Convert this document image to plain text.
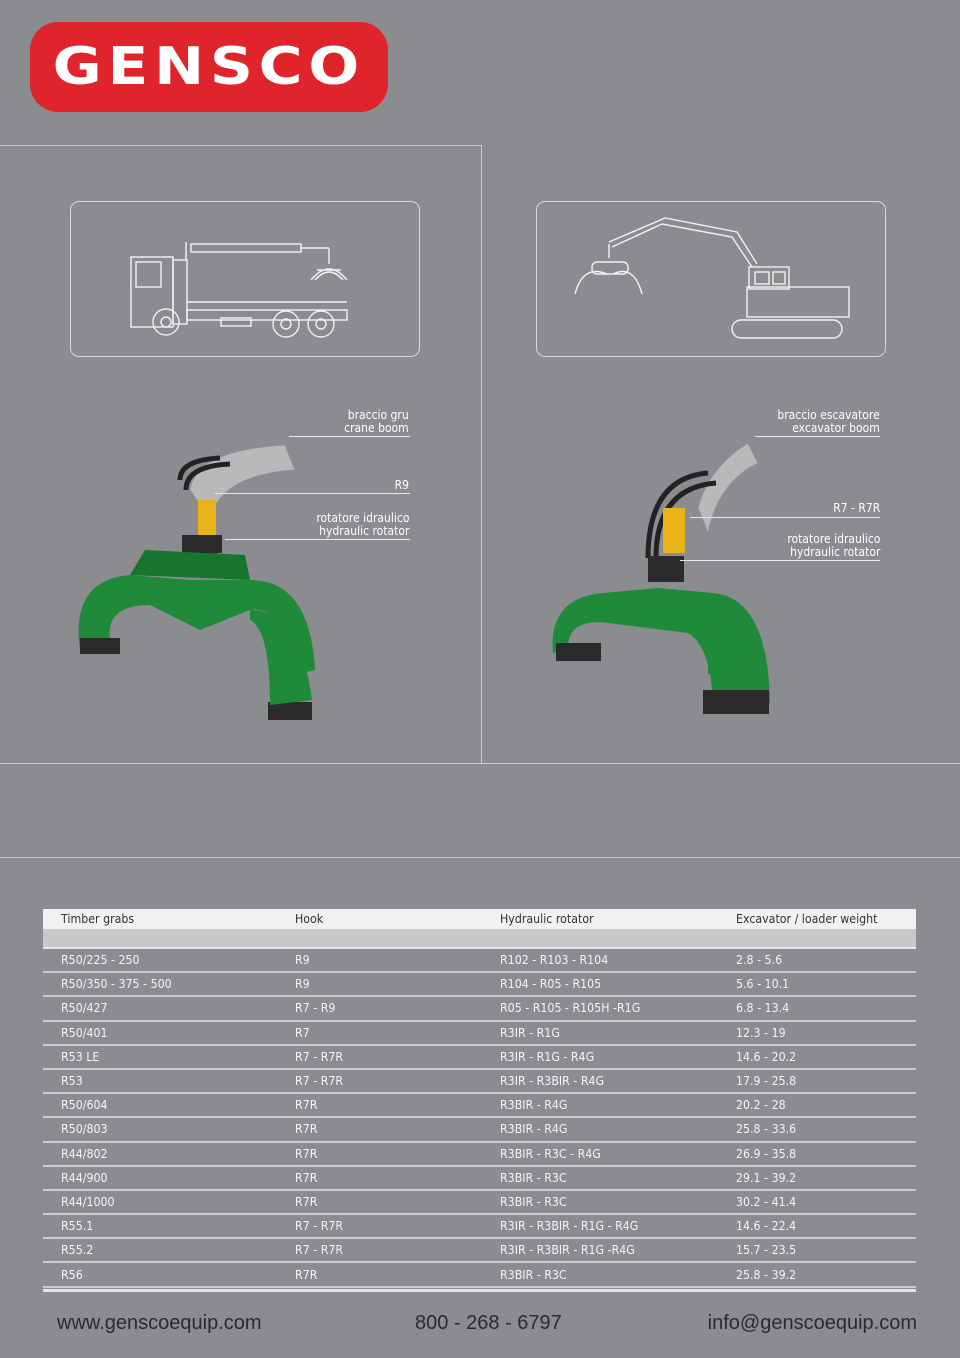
GENSCO
braccio gru
crane boom
R9
rotatore idraulico
hydraulic rotator
braccio escavatore
excavator boom
R7 - R7R
rotatore idraulico
hydraulic rotator
Timber grabs	Hook	Hydraulic rotator	Excavator / loader weight
R50/225 - 250	R9	R102 - R103 - R104	2.8 - 5.6
R50/350 - 375 - 500	R9	R104 - R05 - R105	5.6 - 10.1
R50/427	R7 - R9	R05 - R105 - R105H -R1G	6.8 - 13.4
R50/401	R7	R3IR - R1G	12.3 - 19
R53 LE	R7 - R7R	R3IR - R1G - R4G	14.6 - 20.2
R53	R7 - R7R	R3IR - R3BIR - R4G	17.9 - 25.8
R50/604	R7R	R3BIR - R4G	20.2 - 28
R50/803	R7R	R3BIR - R4G	25.8 - 33.6
R44/802	R7R	R3BIR - R3C - R4G	26.9 - 35.8
R44/900	R7R	R3BIR - R3C	29.1 - 39.2
R44/1000	R7R	R3BIR - R3C	30.2 - 41.4
R55.1	R7 - R7R	R3IR - R3BIR - R1G - R4G	14.6 - 22.4
R55.2	R7 - R7R	R3IR - R3BIR - R1G -R4G	15.7 - 23.5
R56	R7R	R3BIR - R3C	25.8 - 39.2
www.genscoequip.com	800 - 268 - 6797	info@genscoequip.com
